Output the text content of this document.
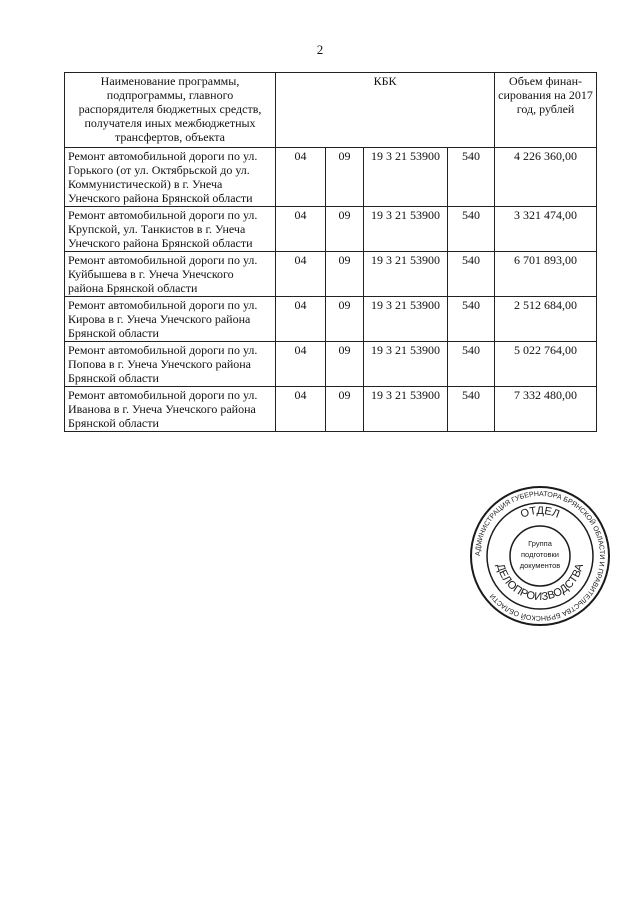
2
Наименование программы, подпрограммы, главного распорядителя бюджетных средств, получателя иных межбюджетных трансфертов, объекта	КБК				Объем финан-сирования на 2017 год, рублей
Ремонт автомобильной дороги по ул. Горького (от ул. Октябрьской до ул. Коммунистической) в г. Унеча Унечского района Брянской области	04	09	19 3 21 53900	540	4 226 360,00
Ремонт автомобильной дороги по ул. Крупской, ул. Танкистов в г. Унеча Унечского района Брянской области	04	09	19 3 21 53900	540	3 321 474,00
Ремонт автомобильной дороги по ул. Куйбышева в г. Унеча Унечского района Брянской области	04	09	19 3 21 53900	540	6 701 893,00
Ремонт автомобильной дороги по ул. Кирова в г. Унеча Унечского района Брянской области	04	09	19 3 21 53900	540	2 512 684,00
Ремонт автомобильной дороги по ул. Попова в г. Унеча Унечского района Брянской области	04	09	19 3 21 53900	540	5 022 764,00
Ремонт автомобильной дороги по ул. Иванова в г. Унеча Унечского района Брянской области	04	09	19 3 21 53900	540	7 332 480,00
АДМИНИСТРАЦИЯ ГУБЕРНАТОРА БРЯНСКОЙ ОБЛАСТИ И ПРАВИТЕЛЬСТВА БРЯНСКОЙ ОБЛАСТИ
ОТДЕЛ
ДЕЛОПРОИЗВОДСТВА
Группа
подготовки
документов
